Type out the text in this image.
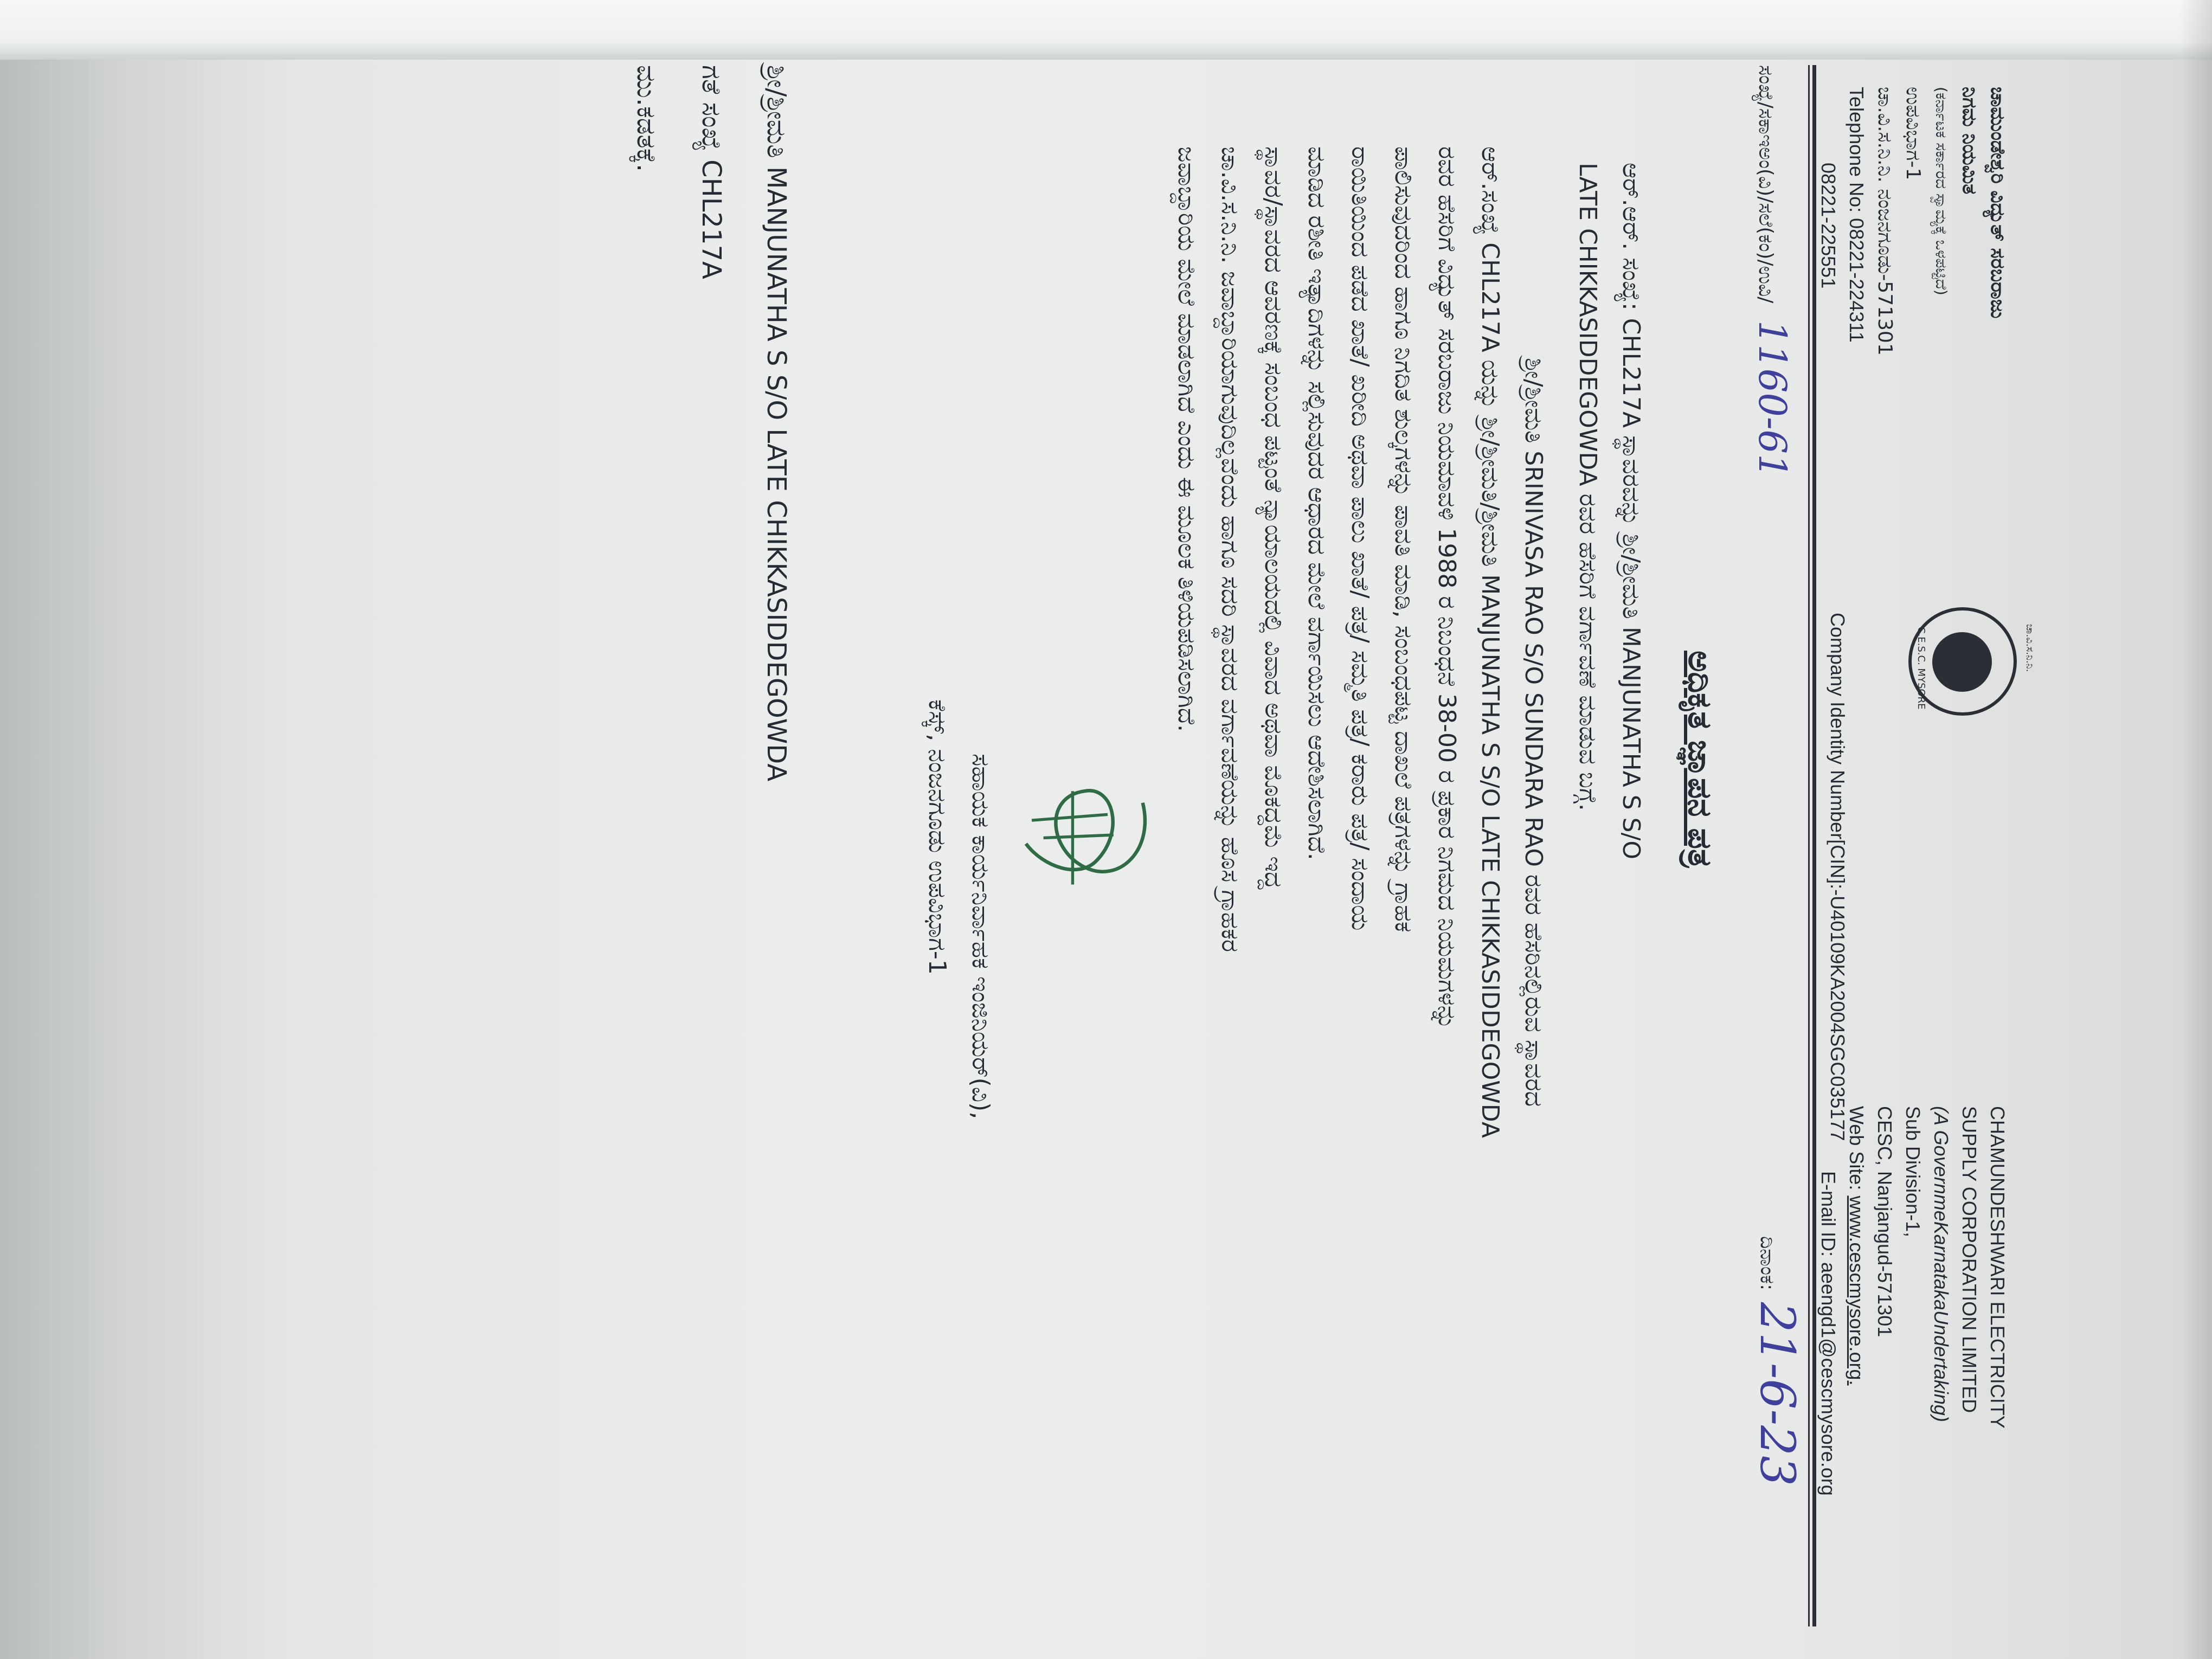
ಚಾಮುಂಡೇಶ್ವರಿ ವಿದ್ಯುತ್ ಸರಬರಾಜು
ನಿಗಮ ನಿಯಮಿತ
(ಕರ್ನಾಟಕ ಸರ್ಕಾರದ ಸ್ವಾಮ್ಯಕ್ಕೆ ಒಳಪಟ್ಟಿದೆ)
ಉಪವಿಭಾಗ-1
ಚಾ.ವಿ.ಸ.ನಿ.ನಿ. ನಂಜನಗೂಡು-571301
Telephone No: 08221-224311
08221-225551
ಚಾ.ವಿ.ಸ.ನಿ.ನಿ.
C.E.S.C. MYSORE
CHAMUNDESHWARI ELECTRICITY
SUPPLY CORPORATION LIMITED
(A GovernmeKarnatakaUndertaking)
Sub Division-1,
CESC, Nanjangud-571301
Web Site: www.cescmysore.org.
E-mail ID: aeengd1@cescmysore.org
Company Identity Number[CIN]:-U40109KA2004SGC035177
ಸಂಖ್ಯೆ/ಸಕಾಇಅಂ(ವಿ)/ಸಲೆ(ಕಂ)/ಉವಿ/ 1160-61
ದಿನಾಂಕ: 21-6-23
ಅಧಿಕೃತ ಜ್ಞಾಪನ ಪತ್ರ
ಆರ್.ಆರ್. ಸಂಖ್ಯೆ: CHL217A ಸ್ಥಾವರವನ್ನು ಶ್ರೀ/ಶ್ರೀಮತಿ MANJUNATHA S S/O
LATE CHIKKASIDDEGOWDA ರವರ ಹೆಸರಿಗೆ ವರ್ಗಾವಣೆ ಮಾಡುವ ಬಗ್ಗೆ.
ಶ್ರೀ/ಶ್ರೀಮತಿ SRINIVASA RAO S/O SUNDARA RAO ರವರ ಹೆಸರಿನಲ್ಲಿರುವ ಸ್ಥಾವರದ
ಆರ್.ಸಂಖ್ಯೆ CHL217A ಯನ್ನು ಶ್ರೀ/ಶ್ರೀಮತಿ/ಶ್ರೀಮತಿ MANJUNATHA S S/O LATE CHIKKASIDDEGOWDA
ರವರ ಹೆಸರಿಗೆ ವಿದ್ಯುತ್ ಸರಬರಾಜು ನಿಯಮಾವಳಿ 1988 ರ ನಿಬಂಧನೆ 38-00 ರ ಪ್ರಕಾರ ನಿಗಮದ ನಿಯಮಗಳನ್ನು
ಪಾಲಿಸುವುದರಿಂದ ಹಾಗೂ ನಿಗದಿತ ಶುಲ್ಕಗಳನ್ನು ಪಾವತಿ ಮಾಡಿ, ಸಂಬಂಧಪಟ್ಟ ದಾಖಲೆ ಪತ್ರಗಳನ್ನು ಗ್ರಾಹಕ
ರಾಯಿತಿಯಿಂದ ಪಡೆದ ಖಾತೆ/ ಖರೀದಿ ಅಥವಾ ಪಾಲು ಖಾತೆ/ ಪತ್ರ/ ಸಮ್ಮತಿ ಪತ್ರ/ ಕರಾರು ಪತ್ರ/ ಸಂದಾಯ
ಮಾಡಿದ ರಶೀತಿ ಇತ್ಯಾದಿಗಳನ್ನು ಸಲ್ಲಿಸುವುದರ ಆಧಾರದ ಮೇಲೆ ವರ್ಗಾಯಿಸಲು ಆದೇಶಿಸಲಾಗಿದೆ.
ಸ್ಥಾವರ/ಸ್ಥಾವರದ ಆವರಣಕ್ಕೆ ಸಂಬಂಧ ಪಟ್ಟಂತೆ ನ್ಯಾಯಾಲಯದಲ್ಲಿ ವಿವಾದ ಅಥವಾ ಮೊಕದ್ದಮೆ ಇದ್ದ
ಚಾ.ವಿ.ಸ.ನಿ.ನಿ. ಜವಾಬ್ದಾರಿಯಾಗುವುದಿಲ್ಲವೆಂದು ಹಾಗೂ ಸದರಿ ಸ್ಥಾವರದ ವರ್ಗಾವಣೆಯನ್ನು ಹೊಸ ಗ್ರಾಹಕರ
ಜವಾಬ್ದಾರಿಯ ಮೇಲೆ ಮಾಡಲಾಗಿದೆ ಎಂದು ಈ ಮೂಲಕ ತಿಳಿಯಪಡಿಸಲಾಗಿದೆ.
ಸಹಾಯಕ ಕಾರ್ಯನಿರ್ವಾಹಕ ಇಂಜಿನಿಯರ್(ವಿ),
ಕೆಸ್ಕ್, ನಂಜನಗೂಡು ಉಪವಿಭಾಗ-1
ಶ್ರೀ/ಶ್ರೀಮತಿ MANJUNATHA S S/O LATE CHIKKASIDDEGOWDA
ಗತೆ ಸಂಖ್ಯೆ CHL217A
ಮು.ಕಡತಕ್ಕೆ.
